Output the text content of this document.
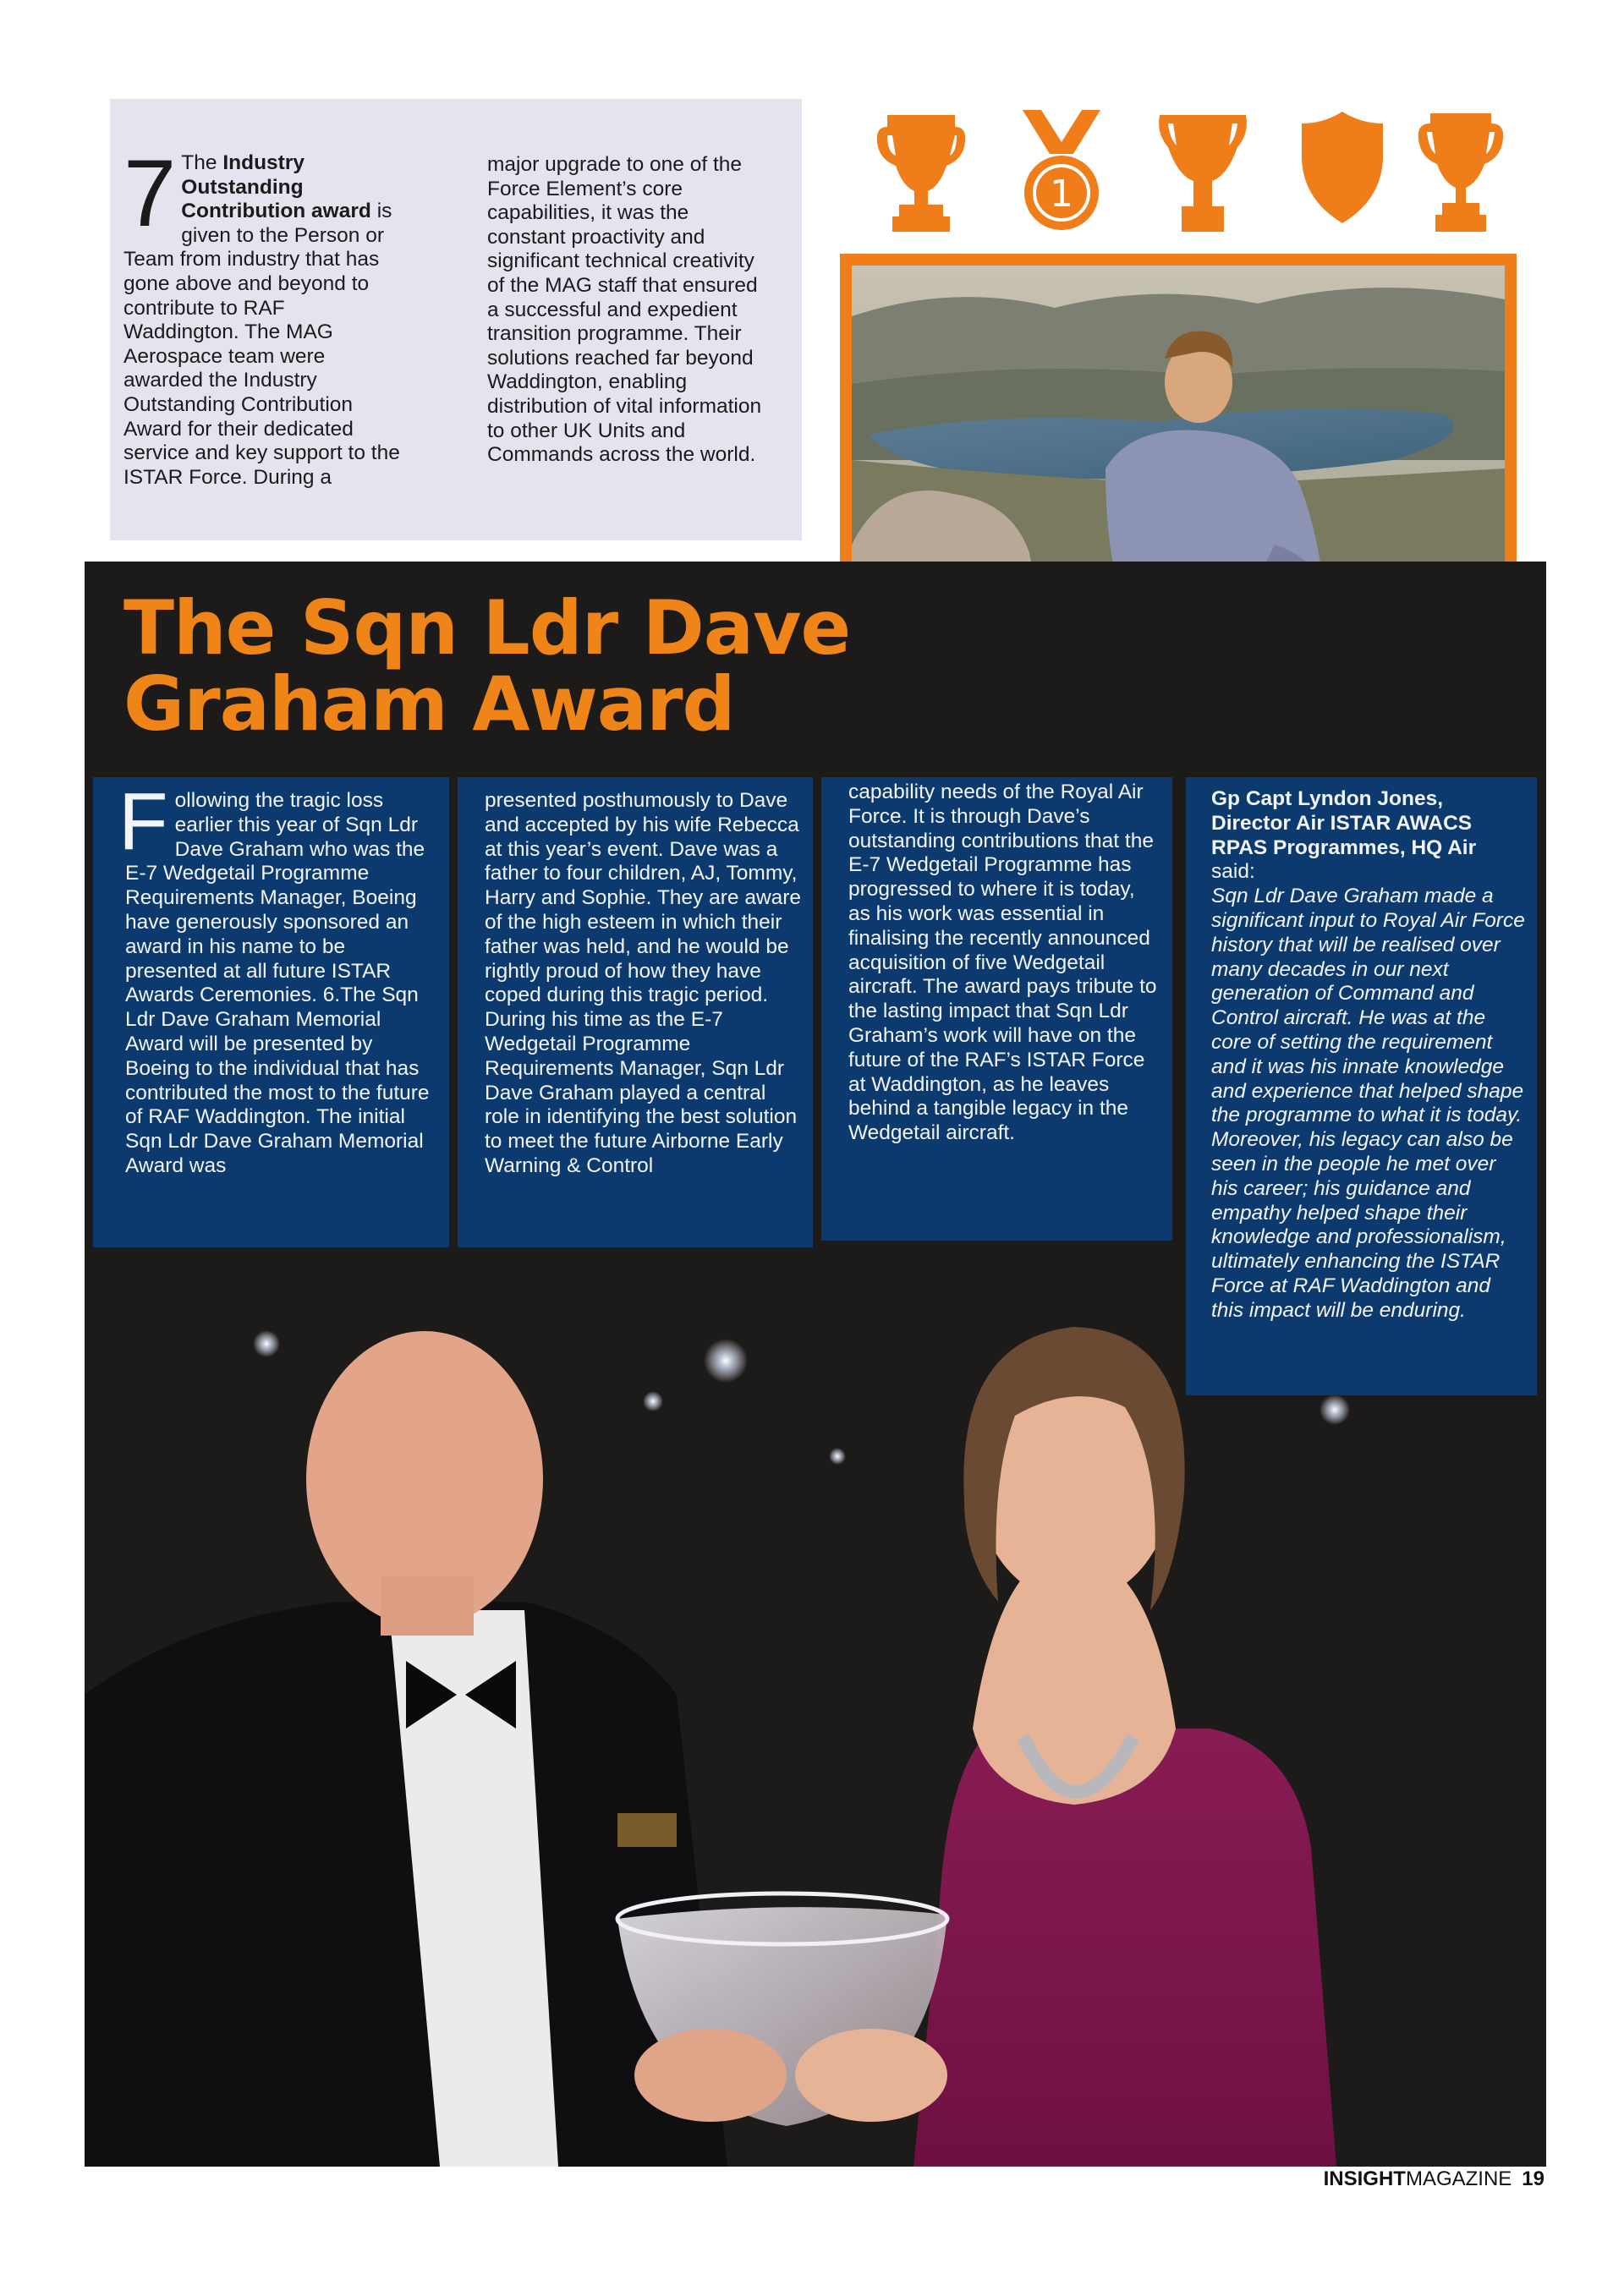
7 The Industry Outstanding Contribution award is given to the Person or Team from industry that has gone above and beyond to contribute to RAF Waddington. The MAG Aerospace team were awarded the Industry Outstanding Contribution Award for their dedicated service and key support to the ISTAR Force. During a
major upgrade to one of the Force Element’s core capabilities, it was the constant proactivity and significant technical creativity of the MAG staff that ensured a successful and expedient transition programme. Their solutions reached far beyond Waddington, enabling distribution of vital information to other UK Units and Commands across the world.
1
The Sqn Ldr Dave Graham Award
Following the tragic loss earlier this year of Sqn Ldr Dave Graham who was the E-7 Wedgetail Programme Requirements Manager, Boeing have generously sponsored an award in his name to be presented at all future ISTAR Awards Ceremonies. 6.The Sqn Ldr Dave Graham Memorial Award will be presented by Boeing to the individual that has contributed the most to the future of RAF Waddington. The initial Sqn Ldr Dave Graham Memorial Award was
presented posthumously to Dave and accepted by his wife Rebecca at this year’s event. Dave was a father to four children, AJ, Tommy, Harry and Sophie. They are aware of the high esteem in which their father was held, and he would be rightly proud of how they have coped during this tragic period. During his time as the E-7 Wedgetail Programme Requirements Manager, Sqn Ldr Dave Graham played a central role in identifying the best solution to meet the future Airborne Early Warning & Control
capability needs of the Royal Air Force. It is through Dave’s outstanding contributions that the E-7 Wedgetail Programme has progressed to where it is today, as his work was essential in finalising the recently announced acquisition of five Wedgetail aircraft. The award pays tribute to the lasting impact that Sqn Ldr Graham’s work will have on the future of the RAF’s ISTAR Force at Waddington, as he leaves behind a tangible legacy in the Wedgetail aircraft.
Gp Capt Lyndon Jones, Director Air ISTAR AWACS RPAS Programmes, HQ Air
said:
Sqn Ldr Dave Graham made a significant input to Royal Air Force history that will be realised over many decades in our next generation of Command and Control aircraft. He was at the core of setting the requirement and it was his innate knowledge and experience that helped shape the programme to what it is today. Moreover, his legacy can also be seen in the people he met over his career; his guidance and empathy helped shape their knowledge and professionalism, ultimately enhancing the ISTAR Force at RAF Waddington and this impact will be enduring.
INSIGHTMAGAZINE 19
